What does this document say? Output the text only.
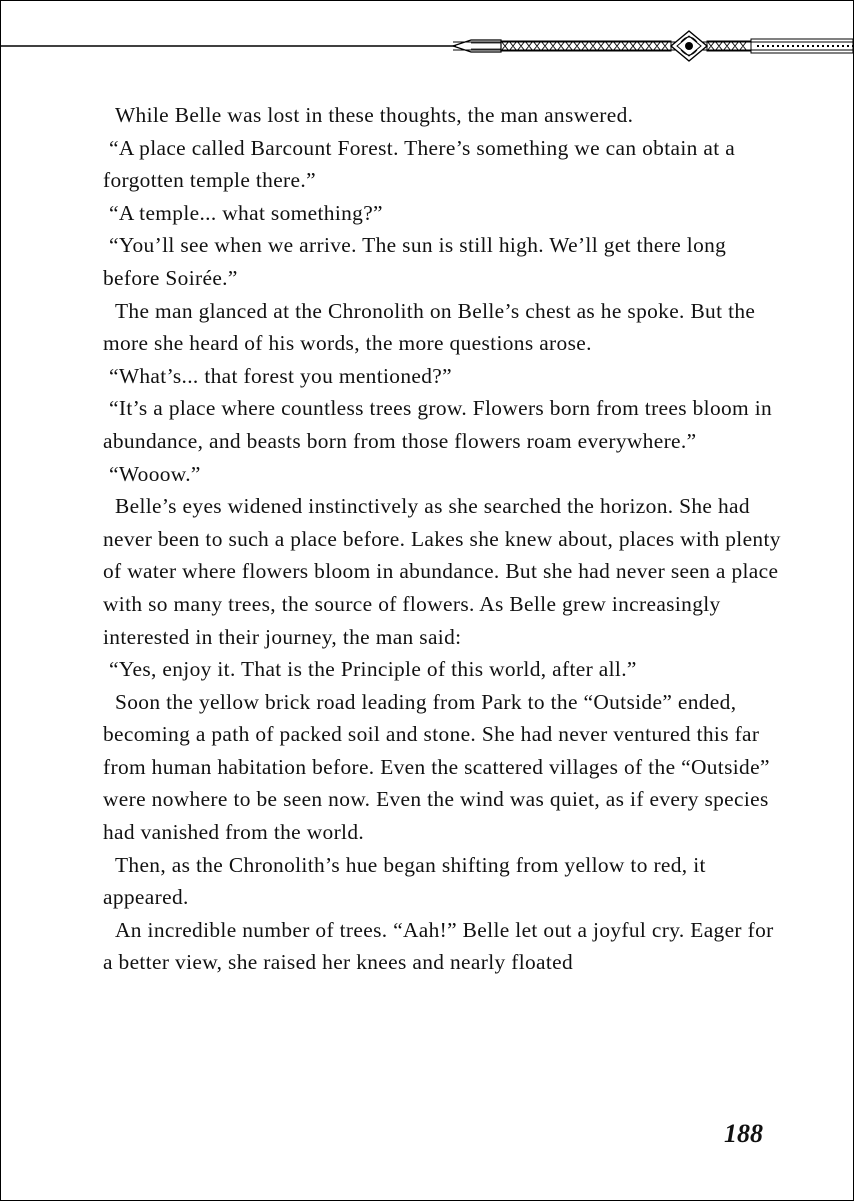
While Belle was lost in these thoughts, the man answered.

“A place called Barcount Forest. There’s something we can obtain at a forgotten temple there.”

“A temple... what something?”

“You’ll see when we arrive. The sun is still high. We’ll get there long before Soirée.”

The man glanced at the Chronolith on Belle’s chest as he spoke. But the more she heard of his words, the more questions arose.

“What’s... that forest you mentioned?”

“It’s a place where countless trees grow. Flowers born from trees bloom in abundance, and beasts born from those flowers roam everywhere.”

“Wooow.”

Belle’s eyes widened instinctively as she searched the horizon. She had never been to such a place before. Lakes she knew about, places with plenty of water where flowers bloom in abundance. But she had never seen a place with so many trees, the source of flowers. As Belle grew increasingly interested in their journey, the man said:

“Yes, enjoy it. That is the Principle of this world, after all.”

Soon the yellow brick road leading from Park to the “Outside” ended, becoming a path of packed soil and stone. She had never ventured this far from human habitation before. Even the scattered villages of the “Outside” were nowhere to be seen now. Even the wind was quiet, as if every species had vanished from the world.

Then, as the Chronolith’s hue began shifting from yellow to red, it appeared.

An incredible number of trees. “Aah!” Belle let out a joyful cry. Eager for a better view, she raised her knees and nearly floated

188
